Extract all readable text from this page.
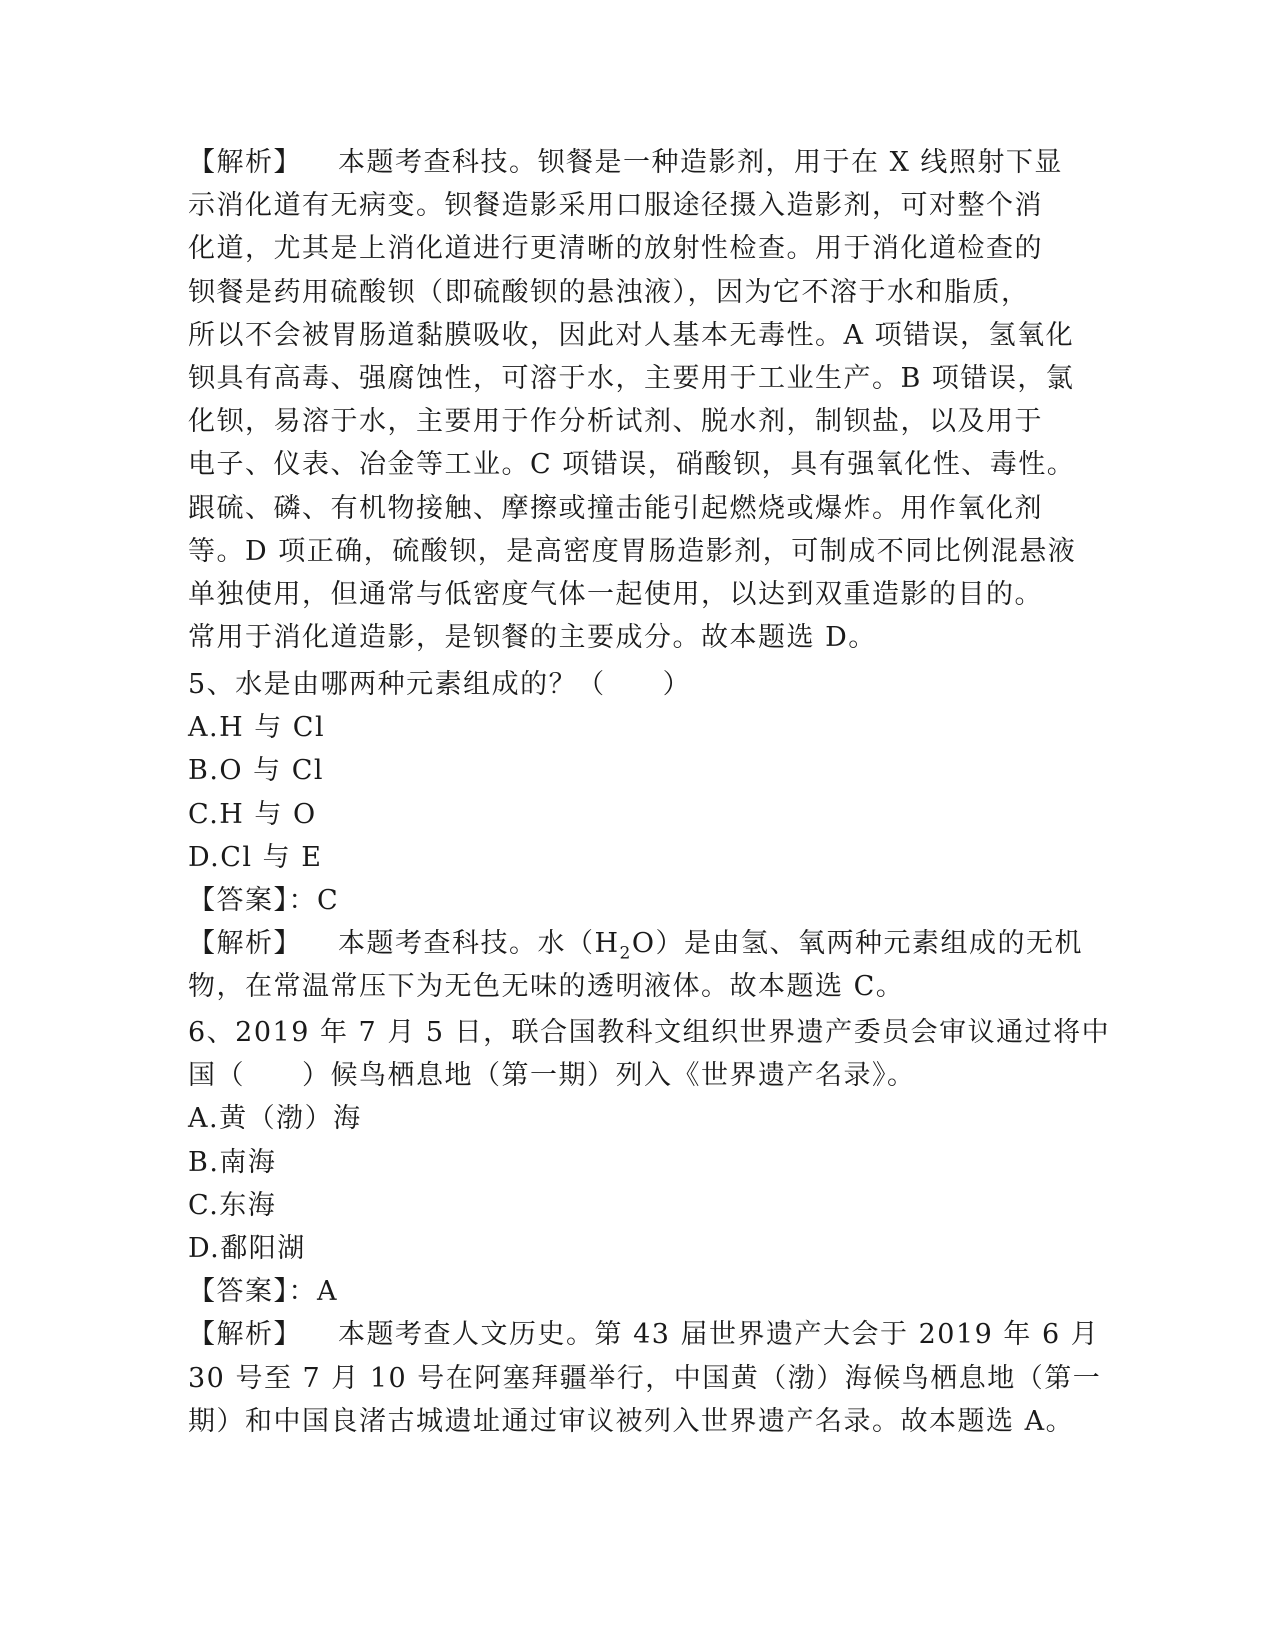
【解析】 本题考查科技。钡餐是一种造影剂，用于在 X 线照射下显
示消化道有无病变。钡餐造影采用口服途径摄入造影剂，可对整个消
化道，尤其是上消化道进行更清晰的放射性检查。用于消化道检查的
钡餐是药用硫酸钡（即硫酸钡的悬浊液），因为它不溶于水和脂质，
所以不会被胃肠道黏膜吸收，因此对人基本无毒性。A 项错误，氢氧化
钡具有高毒、强腐蚀性，可溶于水，主要用于工业生产。B 项错误，氯
化钡，易溶于水，主要用于作分析试剂、脱水剂，制钡盐，以及用于
电子、仪表、冶金等工业。C 项错误，硝酸钡，具有强氧化性、毒性。
跟硫、磷、有机物接触、摩擦或撞击能引起燃烧或爆炸。用作氧化剂
等。D 项正确，硫酸钡，是高密度胃肠造影剂，可制成不同比例混悬液
单独使用，但通常与低密度气体一起使用，以达到双重造影的目的。
常用于消化道造影，是钡餐的主要成分。故本题选 D。
5、水是由哪两种元素组成的？（　　）
A.H 与 Cl
B.O 与 Cl
C.H 与 O
D.Cl 与 E
【答案】：C
【解析】 本题考查科技。水$(H_2O)$是由氢、氧两种元素组成的无机
物，在常温常压下为无色无味的透明液体。故本题选 C。
6、2019 年 7 月 5 日，联合国教科文组织世界遗产委员会审议通过将中
国（　　）候鸟栖息地（第一期）列入《世界遗产名录》。
A.黄（渤）海
B.南海
C.东海
D.鄱阳湖
【答案】：A
【解析】 本题考查人文历史。第 43 届世界遗产大会于 2019 年 6 月
30 号至 7 月 10 号在阿塞拜疆举行，中国黄（渤）海候鸟栖息地（第一
期）和中国良渚古城遗址通过审议被列入世界遗产名录。故本题选 A。
